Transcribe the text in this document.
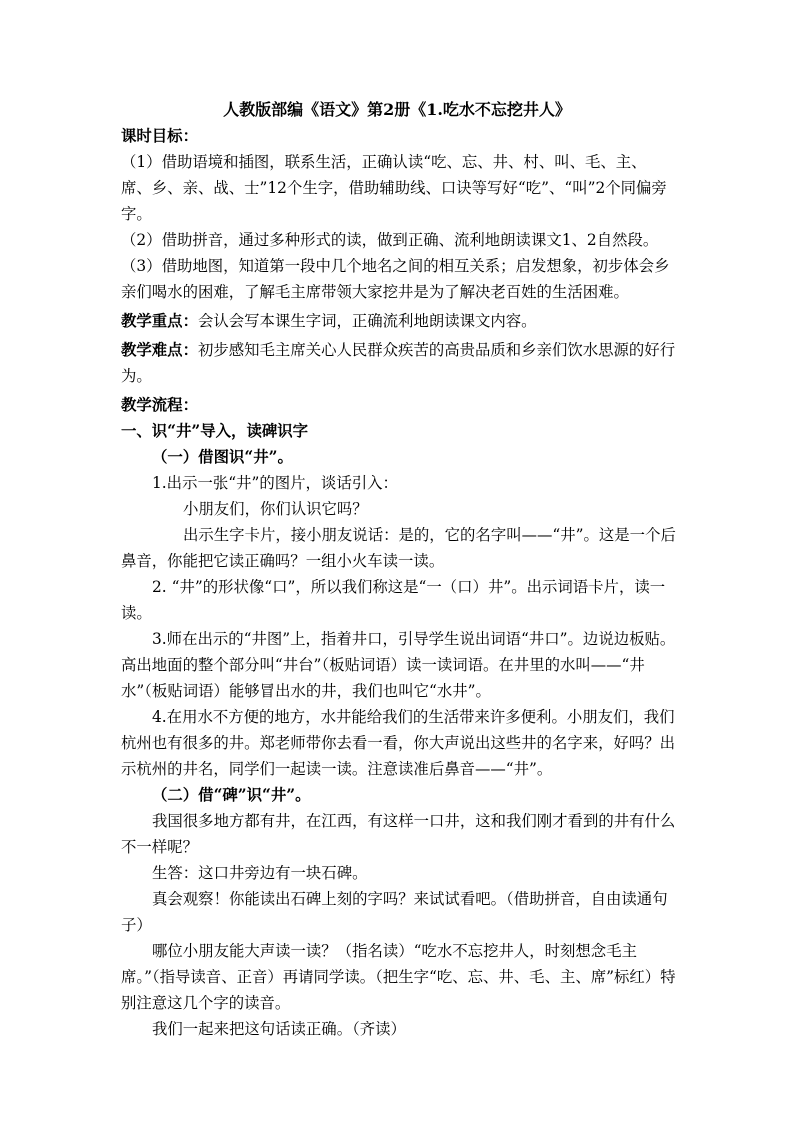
人教版部编《语文》第2册《1.吃水不忘挖井人》

课时目标：

（1）借助语境和插图，联系生活，正确认读“吃、忘、井、村、叫、毛、主、席、乡、亲、战、士”12个生字，借助辅助线、口诀等写好“吃”、“叫”2个同偏旁字。

（2）借助拼音，通过多种形式的读，做到正确、流利地朗读课文1、2自然段。

（3）借助地图，知道第一段中几个地名之间的相互关系；启发想象，初步体会乡亲们喝水的困难，了解毛主席带领大家挖井是为了解决老百姓的生活困难。

教学重点：会认会写本课生字词，正确流利地朗读课文内容。

教学难点：初步感知毛主席关心人民群众疾苦的高贵品质和乡亲们饮水思源的好行为。

教学流程：

一、识“井”导入，读碑识字

（一）借图识“井”。

1.出示一张“井”的图片，谈话引入：

小朋友们，你们认识它吗？

出示生字卡片，接小朋友说话：是的，它的名字叫——“井”。这是一个后鼻音，你能把它读正确吗？一组小火车读一读。

2. “井”的形状像“口”，所以我们称这是“一（口）井”。出示词语卡片，读一读。

3.师在出示的“井图”上，指着井口，引导学生说出词语“井口”。边说边板贴。高出地面的整个部分叫“井台”（板贴词语）读一读词语。在井里的水叫——“井水”（板贴词语）能够冒出水的井，我们也叫它“水井”。

4.在用水不方便的地方，水井能给我们的生活带来许多便利。小朋友们，我们杭州也有很多的井。郑老师带你去看一看，你大声说出这些井的名字来，好吗？出示杭州的井名，同学们一起读一读。注意读准后鼻音——“井”。

（二）借“碑”识“井”。

我国很多地方都有井，在江西，有这样一口井，这和我们刚才看到的井有什么不一样呢？

生答：这口井旁边有一块石碑。

真会观察！你能读出石碑上刻的字吗？来试试看吧。（借助拼音，自由读通句子）

哪位小朋友能大声读一读？（指名读）“吃水不忘挖井人，时刻想念毛主席。”（指导读音、正音）再请同学读。（把生字“吃、忘、井、毛、主、席”标红）特别注意这几个字的读音。

我们一起来把这句话读正确。（齐读）
